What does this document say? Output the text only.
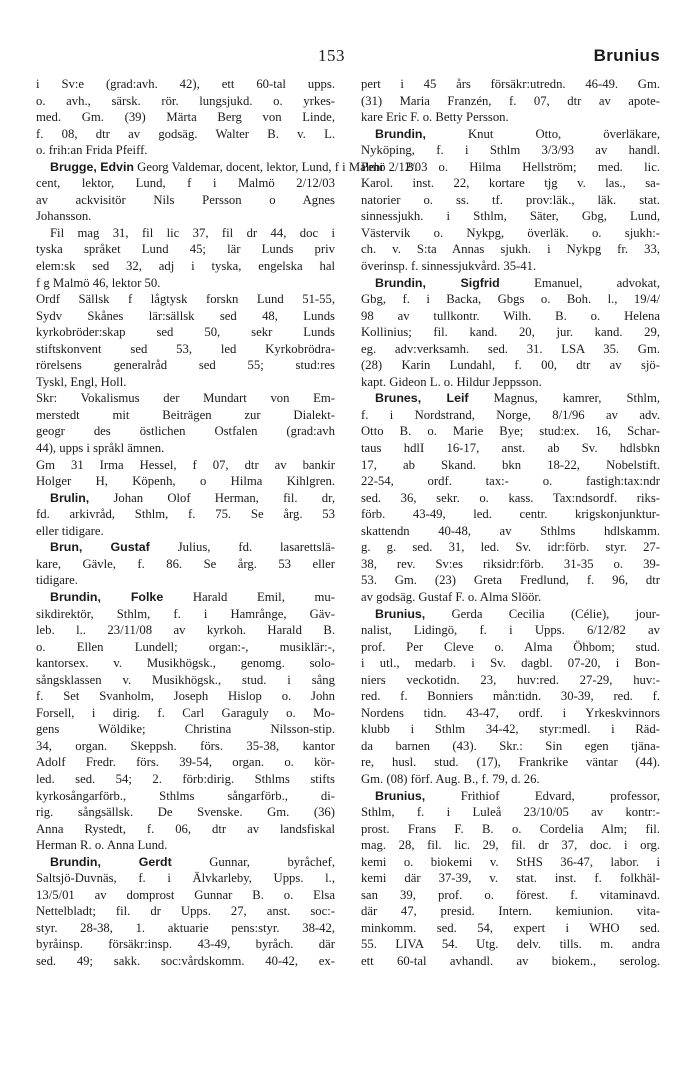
153	Brunius
i Sv:e (grad:avh. 42), ett 60-tal upps.
o. avh., särsk. rör. lungsjukd. o. yrkes-
med. Gm. (39) Märta Berg von Linde,
f. 08, dtr av godsäg. Walter B. v. L.
o. frih:an Frida Pfeiff.
Brugge, Edvin Georg Valdemar, docent, lektor, Lund, f i Malmö 2/12/03
cent, lektor, Lund, f i Malmö 2/12/03
av ackvisitör Nils Persson o Agnes
Johansson.
Fil mag 31, fil lic 37, fil dr 44, doc i
tyska språket Lund 45; lär Lunds priv
elem:sk sed 32, adj i tyska, engelska hal
f g Malmö 46, lektor 50.
Ordf Sällsk f lågtysk forskn Lund 51-55,
Sydv Skånes lär:sällsk sed 48, Lunds
kyrkobröder:skap sed 50, sekr Lunds
stiftskonvent sed 53, led Kyrkobrödra-
rörelsens generalråd sed 55; stud:res
Tyskl, Engl, Holl.
Skr: Vokalismus der Mundart von Em-
merstedt mit Beiträgen zur Dialekt-
geogr des östlichen Ostfalen (grad:avh
44), upps i språkl ämnen.
Gm 31 Irma Hessel, f 07, dtr av bankir
Holger H, Köpenh, o Hilma Kihlgren.
Brulin, Johan Olof Herman, fil. dr,
fd. arkivråd, Sthlm, f. 75. Se årg. 53
eller tidigare.
Brun, Gustaf Julius, fd. lasarettslä-
kare, Gävle, f. 86. Se årg. 53 eller
tidigare.
Brundin, Folke Harald Emil, mu-
sikdirektör, Sthlm, f. i Hamrånge, Gäv-
leb. l.. 23/11/08 av kyrkoh. Harald B.
o. Ellen Lundell; organ:-, musiklär:-,
kantorsex. v. Musikhögsk., genomg. solo-
sångsklassen v. Musikhögsk., stud. i sång
f. Set Svanholm, Joseph Hislop o. John
Forsell, i dirig. f. Carl Garaguly o. Mo-
gens Wöldike; Christina Nilsson-stip.
34, organ. Skeppsh. förs. 35-38, kantor
Adolf Fredr. förs. 39-54, organ. o. kör-
led. sed. 54; 2. förb:dirig. Sthlms stifts
kyrkosångarförb., Sthlms sångarförb., di-
rig. sångsällsk. De Svenske. Gm. (36)
Anna Rystedt, f. 06, dtr av landsfiskal
Herman R. o. Anna Lund.
Brundin, Gerdt Gunnar, byråchef,
Saltsjö-Duvnäs, f. i Älvkarleby, Upps. l.,
13/5/01 av domprost Gunnar B. o. Elsa
Nettelbladt; fil. dr Upps. 27, anst. soc:-
styr. 28-38, 1. aktuarie pens:styr. 38-42,
byråinsp. försäkr:insp. 43-49, byråch. där
sed. 49; sakk. soc:vårdskomm. 40-42, ex-
pert i 45 års försäkr:utredn. 46-49. Gm.
(31) Maria Franzén, f. 07, dtr av apote-
kare Eric F. o. Betty Persson.
Brundin, Knut Otto, överläkare,
Nyköping, f. i Sthlm 3/3/93 av handl.
Pehr B. o. Hilma Hellström; med. lic.
Karol. inst. 22, kortare tjg v. las., sa-
natorier o. ss. tf. prov:läk., läk. stat.
sinnessjukh. i Sthlm, Säter, Gbg, Lund,
Västervik o. Nykpg, överläk. o. sjukh:-
ch. v. S:ta Annas sjukh. i Nykpg fr. 33,
överinsp. f. sinnessjukvård. 35-41.
Brundin, Sigfrid Emanuel, advokat,
Gbg, f. i Backa, Gbgs o. Boh. l., 19/4/
98 av tullkontr. Wilh. B. o. Helena
Kollinius; fil. kand. 20, jur. kand. 29,
eg. adv:verksamh. sed. 31. LSA 35. Gm.
(28) Karin Lundahl, f. 00, dtr av sjö-
kapt. Gideon L. o. Hildur Jeppsson.
Brunes, Leif Magnus, kamrer, Sthlm,
f. i Nordstrand, Norge, 8/1/96 av adv.
Otto B. o. Marie Bye; stud:ex. 16, Schar-
taus hdlI 16-17, anst. ab Sv. hdlsbkn
17, ab Skand. bkn 18-22, Nobelstift.
22-54, ordf. tax:- o. fastigh:tax:ndr
sed. 36, sekr. o. kass. Tax:ndsordf. riks-
förb. 43-49, led. centr. krigskonjunktur-
skattendn 40-48, av Sthlms hdlskamm.
g. g. sed. 31, led. Sv. idr:förb. styr. 27-
38, rev. Sv:es riksidr:förb. 31-35 o. 39-
53. Gm. (23) Greta Fredlund, f. 96, dtr
av godsäg. Gustaf F. o. Alma Slöör.
Brunius, Gerda Cecilia (Célie), jour-
nalist, Lidingö, f. i Upps. 6/12/82 av
prof. Per Cleve o. Alma Öhbom; stud.
i utl., medarb. i Sv. dagbl. 07-20, i Bon-
niers veckotidn. 23, huv:red. 27-29, huv:-
red. f. Bonniers mån:tidn. 30-39, red. f.
Nordens tidn. 43-47, ordf. i Yrkeskvinnors
klubb i Sthlm 34-42, styr:medl. i Räd-
da barnen (43). Skr.: Sin egen tjäna-
re, husl. stud. (17), Frankrike väntar (44).
Gm. (08) förf. Aug. B., f. 79, d. 26.
Brunius, Frithiof Edvard, professor,
Sthlm, f. i Luleå 23/10/05 av kontr:-
prost. Frans F. B. o. Cordelia Alm; fil.
mag. 28, fil. lic. 29, fil. dr 37, doc. i org.
kemi o. biokemi v. StHS 36-47, labor. i
kemi där 37-39, v. stat. inst. f. folkhäl-
san 39, prof. o. förest. f. vitaminavd.
där 47, presid. Intern. kemiunion. vita-
minkomm. sed. 54, expert i WHO sed.
55. LIVA 54. Utg. delv. tills. m. andra
ett 60-tal avhandl. av biokem., serolog.
